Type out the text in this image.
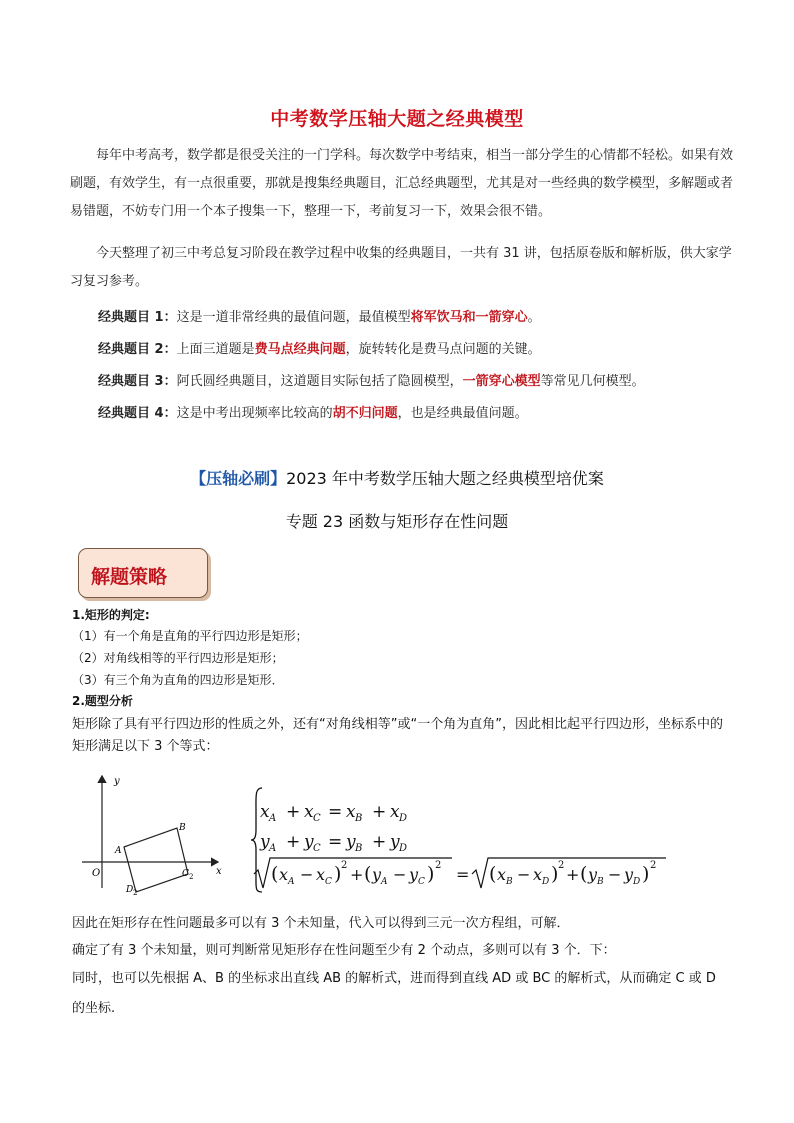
中考数学压轴大题之经典模型
每年中考高考，数学都是很受关注的一门学科。每次数学中考结束，相当一部分学生的心情都不轻松。如果有效刷题，有效学生，有一点很重要，那就是搜集经典题目，汇总经典题型，尤其是对一些经典的数学模型，多解题或者易错题，不妨专门用一个本子搜集一下，整理一下，考前复习一下，效果会很不错。
今天整理了初三中考总复习阶段在教学过程中收集的经典题目，一共有 31 讲，包括原卷版和解析版，供大家学习复习参考。
经典题目 1：这是一道非常经典的最值问题，最值模型将军饮马和一箭穿心。
经典题目 2：上面三道题是费马点经典问题，旋转转化是费马点问题的关键。
经典题目 3：阿氏圆经典题目，这道题目实际包括了隐圆模型，一箭穿心模型等常见几何模型。
经典题目 4：这是中考出现频率比较高的胡不归问题，也是经典最值问题。
【压轴必刷】2023 年中考数学压轴大题之经典模型培优案
专题 23 函数与矩形存在性问题
解题策略
1.矩形的判定:
（1）有一个角是直角的平行四边形是矩形；
（2）对角线相等的平行四边形是矩形；
（3）有三个角为直角的四边形是矩形．
2.题型分析
矩形除了具有平行四边形的性质之外，还有“对角线相等”或“一个角为直角”，因此相比起平行四边形，坐标系中的矩形满足以下 3 个等式：
y
x
O
A
B
C 2
D 2
x A + x C = x B + x D
y A + y C = y B + y D
( x A − x C ) 2 + ( y A − y C ) 2 = ( x B − x D ) 2 + ( y B − y D ) 2
因此在矩形存在性问题最多可以有 3 个未知量，代入可以得到三元一次方程组，可解．
确定了有 3 个未知量，则可判断常见矩形存在性问题至少有 2 个动点，多则可以有 3 个．下：
同时，也可以先根据 A、B 的坐标求出直线 AB 的解析式，进而得到直线 AD 或 BC 的解析式，从而确定 C 或 D 的坐标.
